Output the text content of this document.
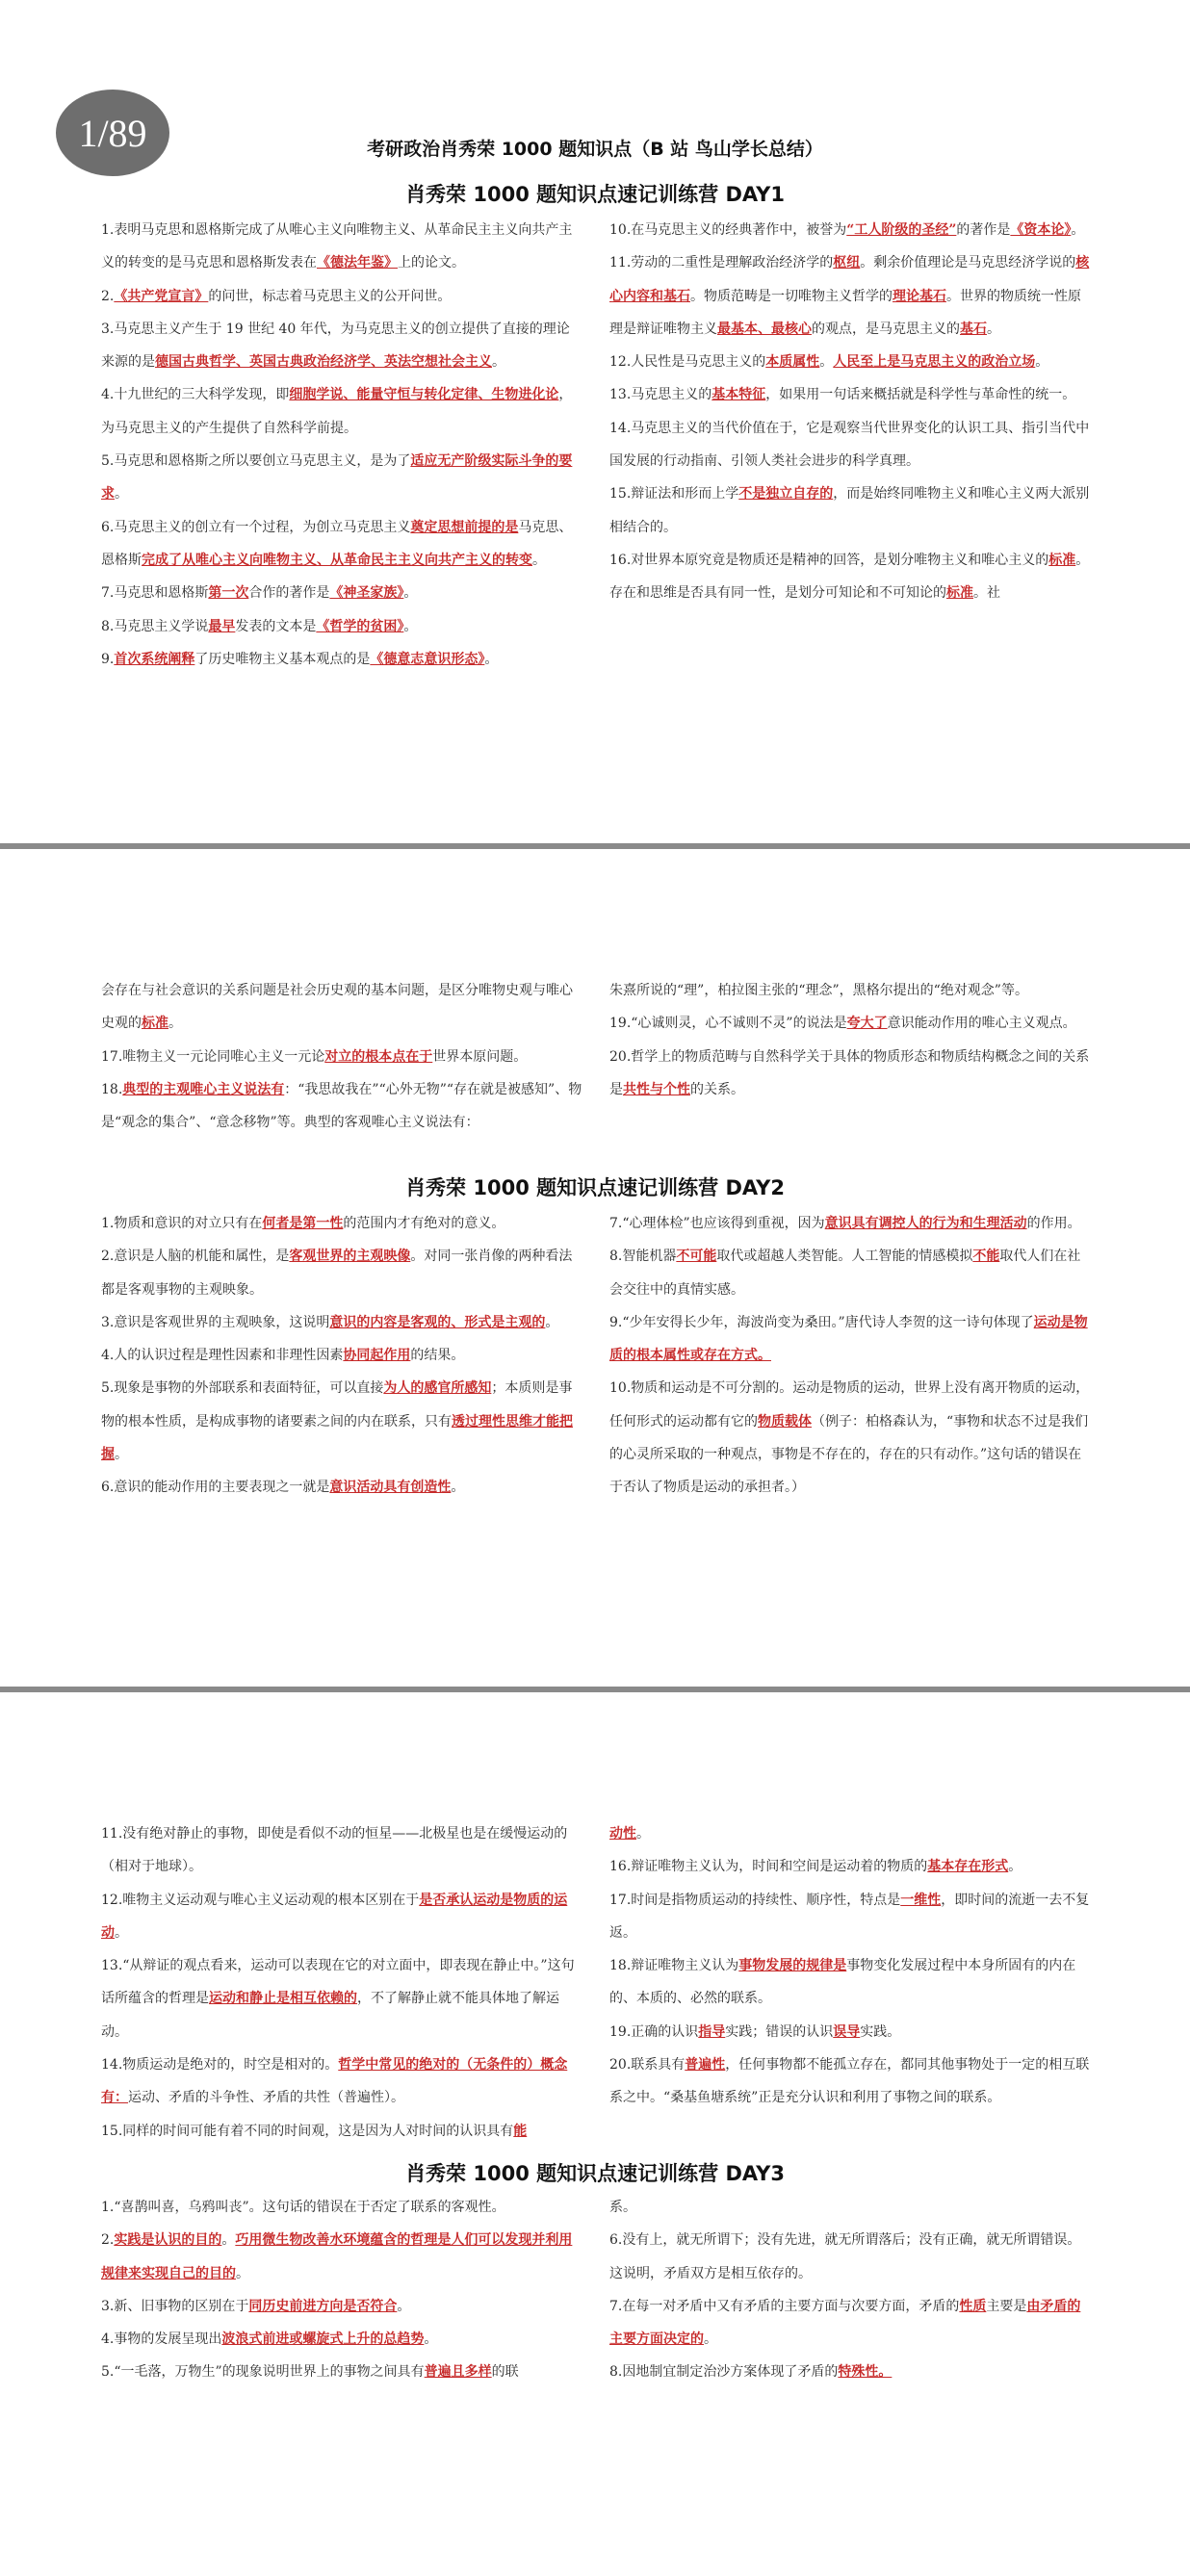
1/89	考研政治肖秀荣 1000 题知识点（B 站 鸟山学长总结）
肖秀荣 1000 题知识点速记训练营 DAY1

1.表明马克思和恩格斯完成了从唯心主义向唯物主义、从革命民主主义向共产主义的转变的是马克思和恩格斯发表在《德法年鉴》上的论文。

2.《共产党宣言》的问世，标志着马克思主义的公开问世。

3.马克思主义产生于 19 世纪 40 年代，为马克思主义的创立提供了直接的理论来源的是德国古典哲学、英国古典政治经济学、英法空想社会主义。

4.十九世纪的三大科学发现，即细胞学说、能量守恒与转化定律、生物进化论，为马克思主义的产生提供了自然科学前提。

5.马克思和恩格斯之所以要创立马克思主义，是为了适应无产阶级实际斗争的要求。

6.马克思主义的创立有一个过程，为创立马克思主义奠定思想前提的是马克思、恩格斯完成了从唯心主义向唯物主义、从革命民主主义向共产主义的转变。

7.马克思和恩格斯第一次合作的著作是《神圣家族》。

8.马克思主义学说最早发表的文本是《哲学的贫困》。

9.首次系统阐释了历史唯物主义基本观点的是《德意志意识形态》。

10.在马克思主义的经典著作中，被誉为“工人阶级的圣经”的著作是《资本论》。

11.劳动的二重性是理解政治经济学的枢纽。剩余价值理论是马克思经济学说的核心内容和基石。物质范畴是一切唯物主义哲学的理论基石。世界的物质统一性原理是辩证唯物主义最基本、最核心的观点，是马克思主义的基石。

12.人民性是马克思主义的本质属性。人民至上是马克思主义的政治立场。

13.马克思主义的基本特征，如果用一句话来概括就是科学性与革命性的统一。

14.马克思主义的当代价值在于，它是观察当代世界变化的认识工具、指引当代中国发展的行动指南、引领人类社会进步的科学真理。

15.辩证法和形而上学不是独立自存的，而是始终同唯物主义和唯心主义两大派别相结合的。

16.对世界本原究竟是物质还是精神的回答，是划分唯物主义和唯心主义的标准。存在和思维是否具有同一性，是划分可知论和不可知论的标准。社

会存在与社会意识的关系问题是社会历史观的基本问题，是区分唯物史观与唯心史观的标准。

17.唯物主义一元论同唯心主义一元论对立的根本点在于世界本原问题。

18.典型的主观唯心主义说法有：“我思故我在”“心外无物”“存在就是被感知”、物是“观念的集合”、“意念移物”等。典型的客观唯心主义说法有：

朱熹所说的“理”，柏拉图主张的“理念”，黑格尔提出的“绝对观念”等。

19.“心诚则灵，心不诚则不灵”的说法是夸大了意识能动作用的唯心主义观点。

20.哲学上的物质范畴与自然科学关于具体的物质形态和物质结构概念之间的关系是共性与个性的关系。

肖秀荣 1000 题知识点速记训练营 DAY2

1.物质和意识的对立只有在何者是第一性的范围内才有绝对的意义。

2.意识是人脑的机能和属性，是客观世界的主观映像。对同一张肖像的两种看法都是客观事物的主观映象。

3.意识是客观世界的主观映象，这说明意识的内容是客观的、形式是主观的。

4.人的认识过程是理性因素和非理性因素协同起作用的结果。

5.现象是事物的外部联系和表面特征，可以直接为人的感官所感知；本质则是事物的根本性质，是构成事物的诸要素之间的内在联系，只有透过理性思维才能把握。

6.意识的能动作用的主要表现之一就是意识活动具有创造性。

7.“心理体检”也应该得到重视，因为意识具有调控人的行为和生理活动的作用。

8.智能机器不可能取代或超越人类智能。人工智能的情感模拟不能取代人们在社会交往中的真情实感。

9.“少年安得长少年，海波尚变为桑田。”唐代诗人李贺的这一诗句体现了运动是物质的根本属性或存在方式。

10.物质和运动是不可分割的。运动是物质的运动，世界上没有离开物质的运动，任何形式的运动都有它的物质载体（例子：柏格森认为，“事物和状态不过是我们的心灵所采取的一种观点，事物是不存在的，存在的只有动作。”这句话的错误在于否认了物质是运动的承担者。）

11.没有绝对静止的事物，即使是看似不动的恒星——北极星也是在缓慢运动的（相对于地球）。

12.唯物主义运动观与唯心主义运动观的根本区别在于是否承认运动是物质的运动。

13.“从辩证的观点看来，运动可以表现在它的对立面中，即表现在静止中。”这句话所蕴含的哲理是运动和静止是相互依赖的，不了解静止就不能具体地了解运动。

14.物质运动是绝对的，时空是相对的。哲学中常见的绝对的（无条件的）概念有：运动、矛盾的斗争性、矛盾的共性（普遍性）。

15.同样的时间可能有着不同的时间观，这是因为人对时间的认识具有能

动性。

16.辩证唯物主义认为，时间和空间是运动着的物质的基本存在形式。

17.时间是指物质运动的持续性、顺序性，特点是一维性，即时间的流逝一去不复返。

18.辩证唯物主义认为事物发展的规律是事物变化发展过程中本身所固有的内在的、本质的、必然的联系。

19.正确的认识指导实践；错误的认识误导实践。

20.联系具有普遍性，任何事物都不能孤立存在，都同其他事物处于一定的相互联系之中。“桑基鱼塘系统”正是充分认识和利用了事物之间的联系。

肖秀荣 1000 题知识点速记训练营 DAY3

1.“喜鹊叫喜，乌鸦叫丧”。这句话的错误在于否定了联系的客观性。

2.实践是认识的目的。巧用微生物改善水环境蕴含的哲理是人们可以发现并利用规律来实现自己的目的。

3.新、旧事物的区别在于同历史前进方向是否符合。

4.事物的发展呈现出波浪式前进或螺旋式上升的总趋势。

5.“一毛落，万物生”的现象说明世界上的事物之间具有普遍且多样的联

系。

6.没有上，就无所谓下；没有先进，就无所谓落后；没有正确，就无所谓错误。这说明，矛盾双方是相互依存的。

7.在每一对矛盾中又有矛盾的主要方面与次要方面，矛盾的性质主要是由矛盾的主要方面决定的。

8.因地制宜制定治沙方案体现了矛盾的特殊性。
